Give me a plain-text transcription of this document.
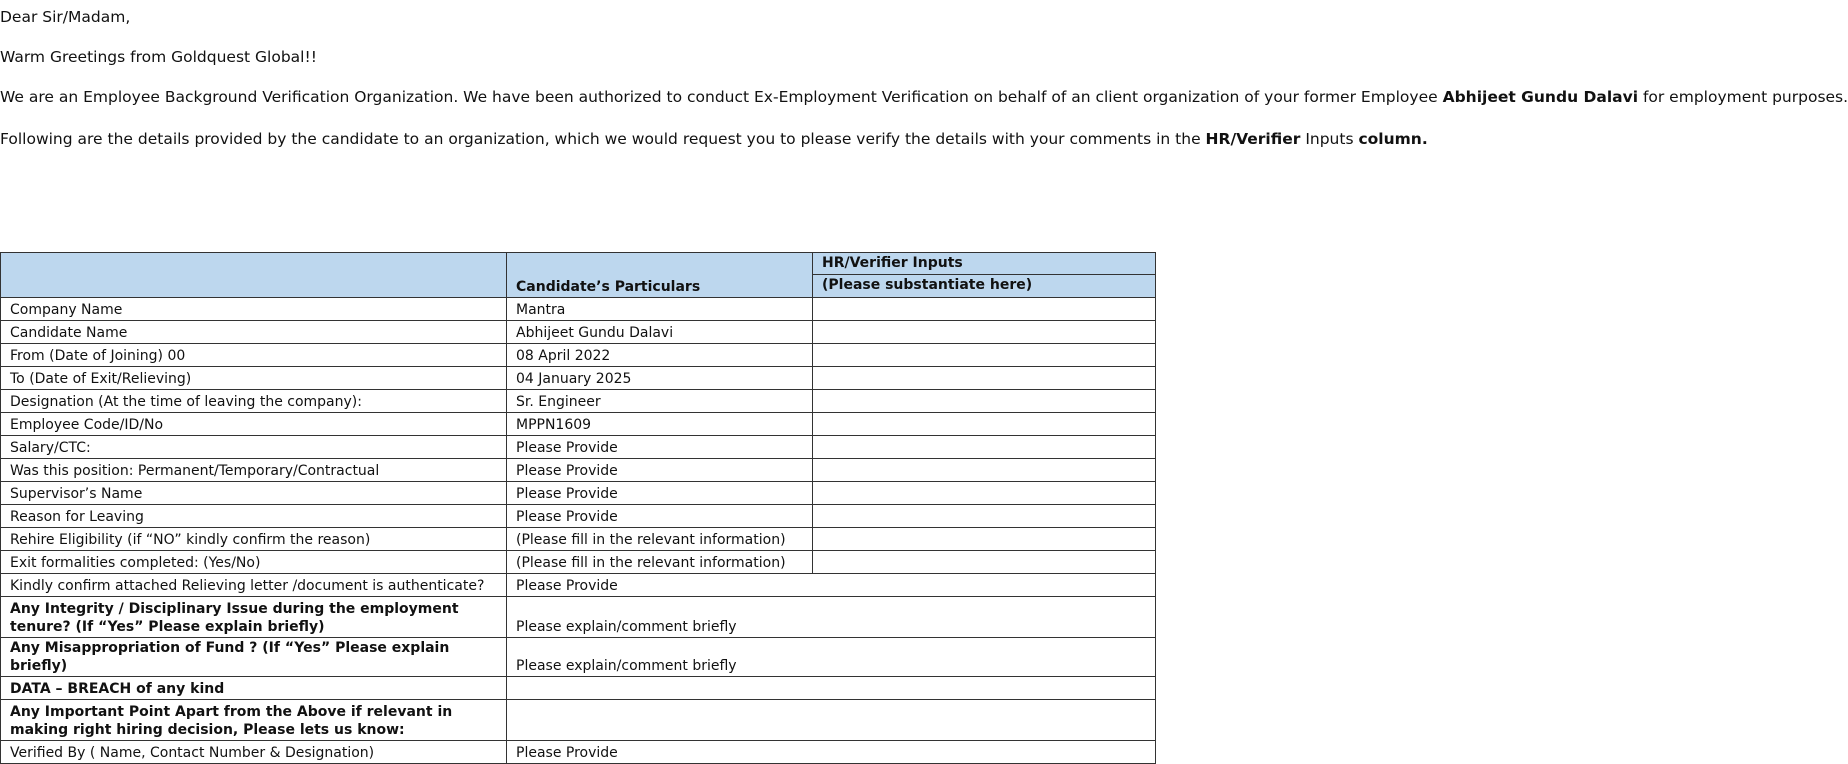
Dear Sir/Madam,

Warm Greetings from Goldquest Global!!

We are an Employee Background Verification Organization. We have been authorized to conduct Ex-Employment Verification on behalf of an client organization of your former Employee Abhijeet Gundu Dalavi for employment purposes.

Following are the details provided by the candidate to an organization, which we would request you to please verify the details with your comments in the HR/Verifier Inputs column.

	Candidate’s Particulars	HR/Verifier Inputs
(Please substantiate here)

Company Name	Mantra	
Candidate Name	Abhijeet Gundu Dalavi	
From (Date of Joining) 00	08 April 2022	
To (Date of Exit/Relieving)	04 January 2025	
Designation (At the time of leaving the company):	Sr. Engineer	
Employee Code/ID/No	MPPN1609	
Salary/CTC:	Please Provide	
Was this position: Permanent/Temporary/Contractual	Please Provide	
Supervisor’s Name	Please Provide	
Reason for Leaving	Please Provide	
Rehire Eligibility (if “NO” kindly confirm the reason)	(Please fill in the relevant information)	
Exit formalities completed: (Yes/No)	(Please fill in the relevant information)	
Kindly confirm attached Relieving letter /document is authenticate?	Please Provide	
Any Integrity / Disciplinary Issue during the employment tenure? (If “Yes” Please explain briefly)	Please explain/comment briefly	
Any Misappropriation of Fund ? (If “Yes” Please explain briefly)	Please explain/comment briefly	
DATA – BREACH of any kind		
Any Important Point Apart from the Above if relevant in making right hiring decision, Please lets us know:		
Verified By ( Name, Contact Number & Designation)	Please Provide	
